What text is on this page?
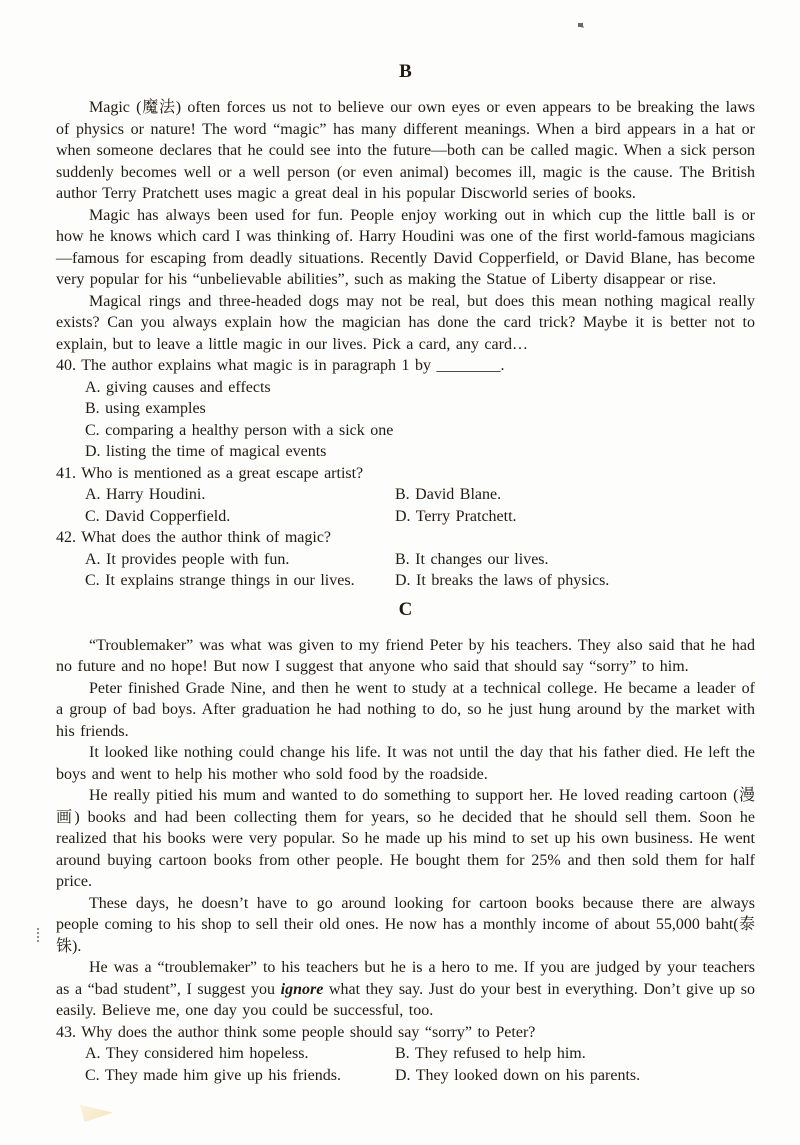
B

Magic (魔法) often forces us not to believe our own eyes or even appears to be breaking the laws of physics or nature! The word “magic” has many different meanings. When a bird appears in a hat or when someone declares that he could see into the future—both can be called magic. When a sick person suddenly becomes well or a well person (or even animal) becomes ill, magic is the cause. The British author Terry Pratchett uses magic a great deal in his popular Discworld series of books.

Magic has always been used for fun. People enjoy working out in which cup the little ball is or how he knows which card I was thinking of. Harry Houdini was one of the first world-famous magicians—famous for escaping from deadly situations. Recently David Copperfield, or David Blane, has become very popular for his “unbelievable abilities”, such as making the Statue of Liberty disappear or rise.

Magical rings and three-headed dogs may not be real, but does this mean nothing magical really exists? Can you always explain how the magician has done the card trick? Maybe it is better not to explain, but to leave a little magic in our lives. Pick a card, any card…

40. The author explains what magic is in paragraph 1 by ________.
A. giving causes and effects
B. using examples
C. comparing a healthy person with a sick one
D. listing the time of magical events
41. Who is mentioned as a great escape artist?
A. Harry Houdini.	B. David Blane.
C. David Copperfield.	D. Terry Pratchett.
42. What does the author think of magic?
A. It provides people with fun.	B. It changes our lives.
C. It explains strange things in our lives.	D. It breaks the laws of physics.
C

“Troublemaker” was what was given to my friend Peter by his teachers. They also said that he had no future and no hope! But now I suggest that anyone who said that should say “sorry” to him.

Peter finished Grade Nine, and then he went to study at a technical college. He became a leader of a group of bad boys. After graduation he had nothing to do, so he just hung around by the market with his friends.

It looked like nothing could change his life. It was not until the day that his father died. He left the boys and went to help his mother who sold food by the roadside.

He really pitied his mum and wanted to do something to support her. He loved reading cartoon (漫画) books and had been collecting them for years, so he decided that he should sell them. Soon he realized that his books were very popular. So he made up his mind to set up his own business. He went around buying cartoon books from other people. He bought them for 25% and then sold them for half price.

These days, he doesn’t have to go around looking for cartoon books because there are always people coming to his shop to sell their old ones. He now has a monthly income of about 55,000 baht(泰铢).

He was a “troublemaker” to his teachers but he is a hero to me. If you are judged by your teachers as a “bad student”, I suggest you ignore what they say. Just do your best in everything. Don’t give up so easily. Believe me, one day you could be successful, too.

43. Why does the author think some people should say “sorry” to Peter?
A. They considered him hopeless.	B. They refused to help him.
C. They made him give up his friends.	D. They looked down on his parents.
